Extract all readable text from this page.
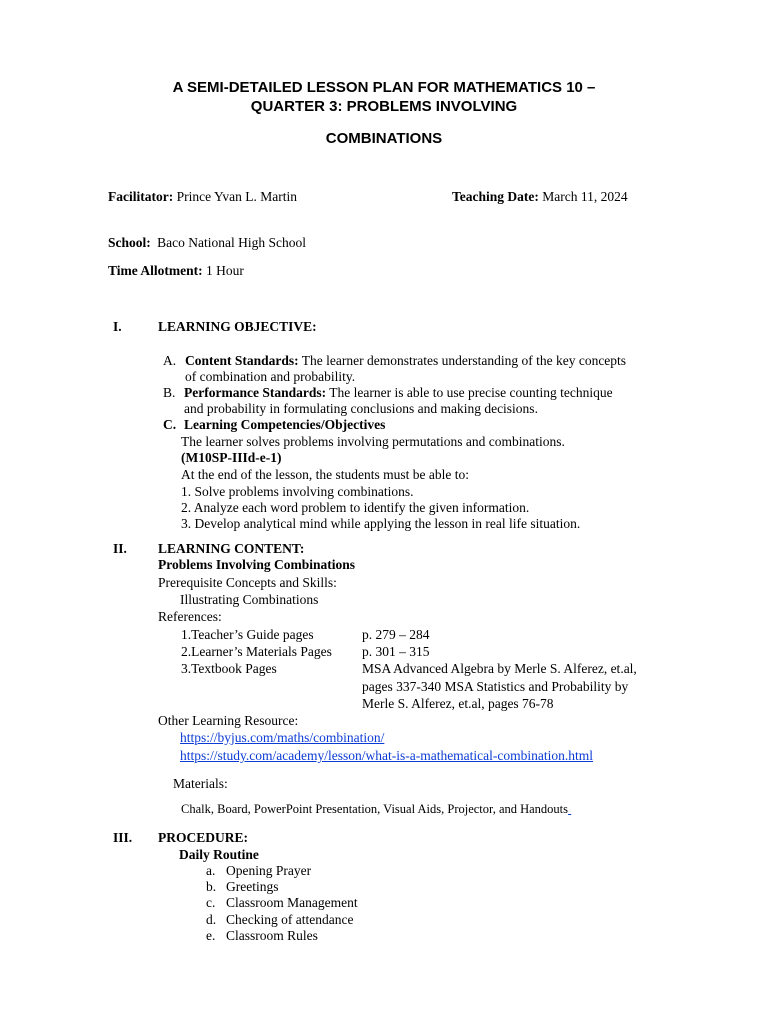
A SEMI-DETAILED LESSON PLAN FOR MATHEMATICS 10 –
QUARTER 3: PROBLEMS INVOLVING
COMBINATIONS
Facilitator: Prince Yvan L. Martin	Teaching Date: March 11, 2024
School: Baco National High School
Time Allotment: 1 Hour
I.	LEARNING OBJECTIVE:
A. Content Standards: The learner demonstrates understanding of the key concepts
of combination and probability.
B. Performance Standards: The learner is able to use precise counting technique
and probability in formulating conclusions and making decisions.
C. Learning Competencies/Objectives
The learner solves problems involving permutations and combinations.
(M10SP-IIId-e-1)
At the end of the lesson, the students must be able to:
1. Solve problems involving combinations.
2. Analyze each word problem to identify the given information.
3. Develop analytical mind while applying the lesson in real life situation.
II. LEARNING CONTENT:
Problems Involving Combinations
Prerequisite Concepts and Skills:
Illustrating Combinations
References:
1.Teacher’s Guide pages	p. 279 – 284
2.Learner’s Materials Pages p. 301 – 315
3.Textbook Pages	MSA Advanced Algebra by Merle S. Alferez, et.al,
pages 337-340 MSA Statistics and Probability by
Merle S. Alferez, et.al, pages 76-78
Other Learning Resource:
https://byjus.com/maths/combination/
https://study.com/academy/lesson/what-is-a-mathematical-combination.html
Materials:
Chalk, Board, PowerPoint Presentation, Visual Aids, Projector, and Handouts
III. PROCEDURE:
Daily Routine
a. Opening Prayer
b. Greetings
c. Classroom Management
d. Checking of attendance
e. Classroom Rules
